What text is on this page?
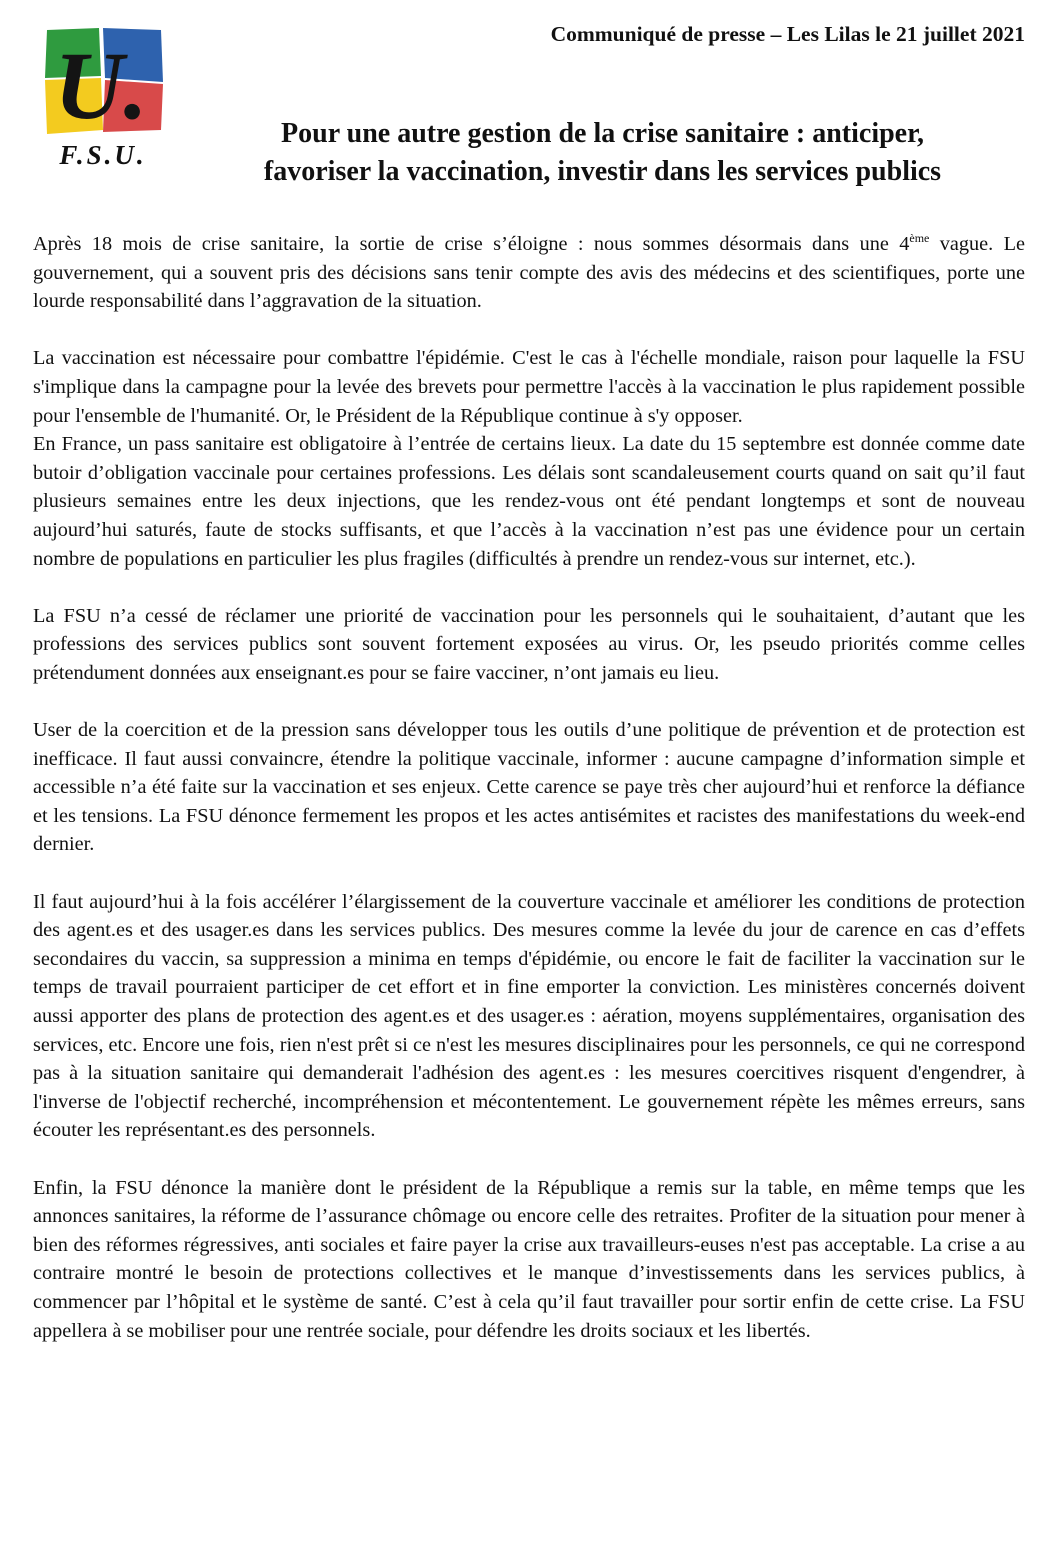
U.
F.S.U.
Communiqué de presse – Les Lilas le 21 juillet 2021
Pour une autre gestion de la crise sanitaire : anticiper,
favoriser la vaccination, investir dans les services publics

Après 18 mois de crise sanitaire, la sortie de crise s’éloigne : nous sommes désormais dans une 4ème vague. Le gouvernement, qui a souvent pris des décisions sans tenir compte des avis des médecins et des scientifiques, porte une lourde responsabilité dans l’aggravation de la situation.

La vaccination est nécessaire pour combattre l'épidémie. C'est le cas à l'échelle mondiale, raison pour laquelle la FSU s'implique dans la campagne pour la levée des brevets pour permettre l'accès à la vaccination le plus rapidement possible pour l'ensemble de l'humanité. Or, le Président de la République continue à s'y opposer.

En France, un pass sanitaire est obligatoire à l’entrée de certains lieux. La date du 15 septembre est donnée comme date butoir d’obligation vaccinale pour certaines professions. Les délais sont scandaleusement courts quand on sait qu’il faut plusieurs semaines entre les deux injections, que les rendez-vous ont été pendant longtemps et sont de nouveau aujourd’hui saturés, faute de stocks suffisants, et que l’accès à la vaccination n’est pas une évidence pour un certain nombre de populations en particulier les plus fragiles (difficultés à prendre un rendez-vous sur internet, etc.).

La FSU n’a cessé de réclamer une priorité de vaccination pour les personnels qui le souhaitaient, d’autant que les professions des services publics sont souvent fortement exposées au virus. Or, les pseudo priorités comme celles prétendument données aux enseignant.es pour se faire vacciner, n’ont jamais eu lieu.

User de la coercition et de la pression sans développer tous les outils d’une politique de prévention et de protection est inefficace. Il faut aussi convaincre, étendre la politique vaccinale, informer : aucune campagne d’information simple et accessible n’a été faite sur la vaccination et ses enjeux. Cette carence se paye très cher aujourd’hui et renforce la défiance et les tensions. La FSU dénonce fermement les propos et les actes antisémites et racistes des manifestations du week-end dernier.

Il faut aujourd’hui à la fois accélérer l’élargissement de la couverture vaccinale et améliorer les conditions de protection des agent.es et des usager.es dans les services publics. Des mesures comme la levée du jour de carence en cas d’effets secondaires du vaccin, sa suppression a minima en temps d'épidémie, ou encore le fait de faciliter la vaccination sur le temps de travail pourraient participer de cet effort et in fine emporter la conviction. Les ministères concernés doivent aussi apporter des plans de protection des agent.es et des usager.es : aération, moyens supplémentaires, organisation des services, etc. Encore une fois, rien n'est prêt si ce n'est les mesures disciplinaires pour les personnels, ce qui ne correspond pas à la situation sanitaire qui demanderait l'adhésion des agent.es : les mesures coercitives risquent d'engendrer, à l'inverse de l'objectif recherché, incompréhension et mécontentement. Le gouvernement répète les mêmes erreurs, sans écouter les représentant.es des personnels.

Enfin, la FSU dénonce la manière dont le président de la République a remis sur la table, en même temps que les annonces sanitaires, la réforme de l’assurance chômage ou encore celle des retraites. Profiter de la situation pour mener à bien des réformes régressives, anti sociales et faire payer la crise aux travailleurs-euses n'est pas acceptable. La crise a au contraire montré le besoin de protections collectives et le manque d’investissements dans les services publics, à commencer par l’hôpital et le système de santé. C’est à cela qu’il faut travailler pour sortir enfin de cette crise. La FSU appellera à se mobiliser pour une rentrée sociale, pour défendre les droits sociaux et les libertés.
